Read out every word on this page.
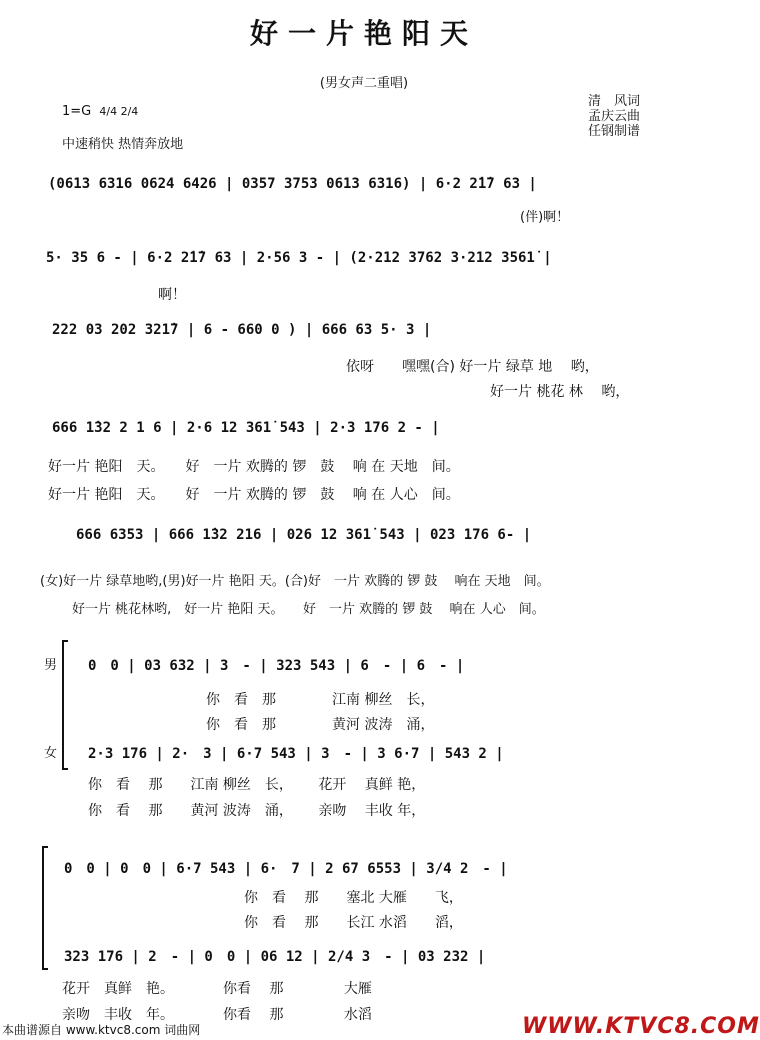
好一片艳阳天
(男女声二重唱)
1=G 4/4 2/4
中速稍快 热情奔放地
清　风词
孟庆云曲
任钢制谱
(0613 6316 0624 6426 | 0357 3753 0613 6316) | 6·2 2̇1̇7 63 |
(伴)啊！
5· 35 6 - | 6·2 2̇1̇7 63 | 2·56 3 - | (2·212 3762 3·212 3561̇ |
啊！
222 03 202 321̇7 | 6 - 660 0 ) | 666 63 5· 3 |
依呀　　嘿嘿(合) 好一片 绿草 地　 哟，
好一片 桃花 林　 哟，
666 1̇32 2 1 6 | 2·6 12 361̇ 543 | 2·3 176 2 - |
好一片 艳阳　天。　　好　一片 欢腾的 锣　鼓　 响 在 天地　间。
好一片 艳阳　天。　　好　一片 欢腾的 锣　鼓　 响 在 人心　间。
666 6353 | 666 1̇32 216 | 026 12 361̇ 543 | 023 176 6- |
(女)好一片 绿草地哟,(男)好一片 艳阳 天。(合)好　一片 欢腾的 锣 鼓　 响在 天地　间。
好一片 桃花林哟,　好一片 艳阳 天。　　好　一片 欢腾的 锣 鼓　 响在 人心　间。
男
女
0　0 | 03 632 | 3　- | 323 543 | 6　- | 6　- |
你　看　那　　　　江南 柳丝　长，
你　看　那　　　　黄河 波涛　涌，
2·3 176 | 2·　3 | 6·7 543 | 3　- | 3 6·7 | 543 2 |
你　看　 那　　江南 柳丝　长，　　 花开　 真鲜 艳，
你　看　 那　　黄河 波涛　涌，　　 亲吻　 丰收 年，
0　0 | 0　0 | 6·7 543 | 6·　7 | 2 67 6553 | 3/4 2　- |
你　看　 那　　塞北 大雁　　飞，
你　看　 那　　长江 水滔　　滔，
323 176 | 2　- | 0　0 | 06 12 | 2/4 3　- | 03 232 |
花开　真鲜　艳。　　　　你看　 那　　　　 大雁
亲吻　丰收　年。　　　　你看　 那　　　　 水滔
本曲谱源自 www.ktvc8.com 词曲网	WWW.KTVC8.COM
